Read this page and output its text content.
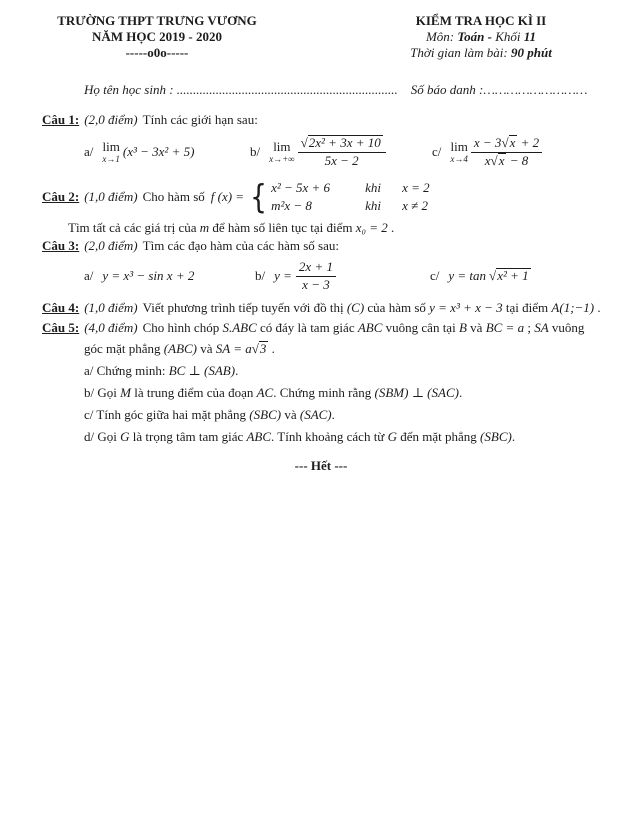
TRƯỜNG THPT TRƯNG VƯƠNG
NĂM HỌC 2019 - 2020
-----o0o-----
KIỂM TRA HỌC KÌ II
Môn: Toán - Khối 11
Thời gian làm bài: 90 phút
Họ tên học sinh : .................................................................... Số báo danh :………………………
Câu 1: (2,0 điểm) Tính các giới hạn sau:
a/ lim
x→1 (x³ − 3x² + 5)	b/ lim
$x\to+\infty \frac{\text{√2x² + 3x + 10}}{5x - 2}$	c/ lim
$x\to 4 \frac{x - 3√x + 2}{x√x - 8}$
Câu 2: (1,0 điểm) Cho hàm số f (x) = { x² − 5x + 6	khi	x = 2
m²x − 8	khi	x ≠ 2
Tìm tất cả các giá trị của m để hàm số liên tục tại điểm x₀ = 2 .
Câu 3: (2,0 điểm) Tìm các đạo hàm của các hàm số sau:
a/ y = x³ − sin x + 2	b/ $y = \frac{2x + 1}{x - 3}$	c/ y = tan √x² + 1
Câu 4: (1,0 điểm) Viết phương trình tiếp tuyến với đồ thị (C) của hàm số y = x³ + x − 3 tại điểm A(1;−1) .
Câu 5: (4,0 điểm) Cho hình chóp S.ABC có đáy là tam giác ABC vuông cân tại B và BC = a ; SA vuông
góc mặt phẳng (ABC) và SA = a√3 .
a/ Chứng minh: BC ⊥ (SAB).
b/ Gọi M là trung điểm của đoạn AC. Chứng minh rằng (SBM) ⊥ (SAC).
c/ Tính góc giữa hai mặt phẳng (SBC) và (SAC).
d/ Gọi G là trọng tâm tam giác ABC. Tính khoảng cách từ G đến mặt phẳng (SBC).
--- Hết ---
